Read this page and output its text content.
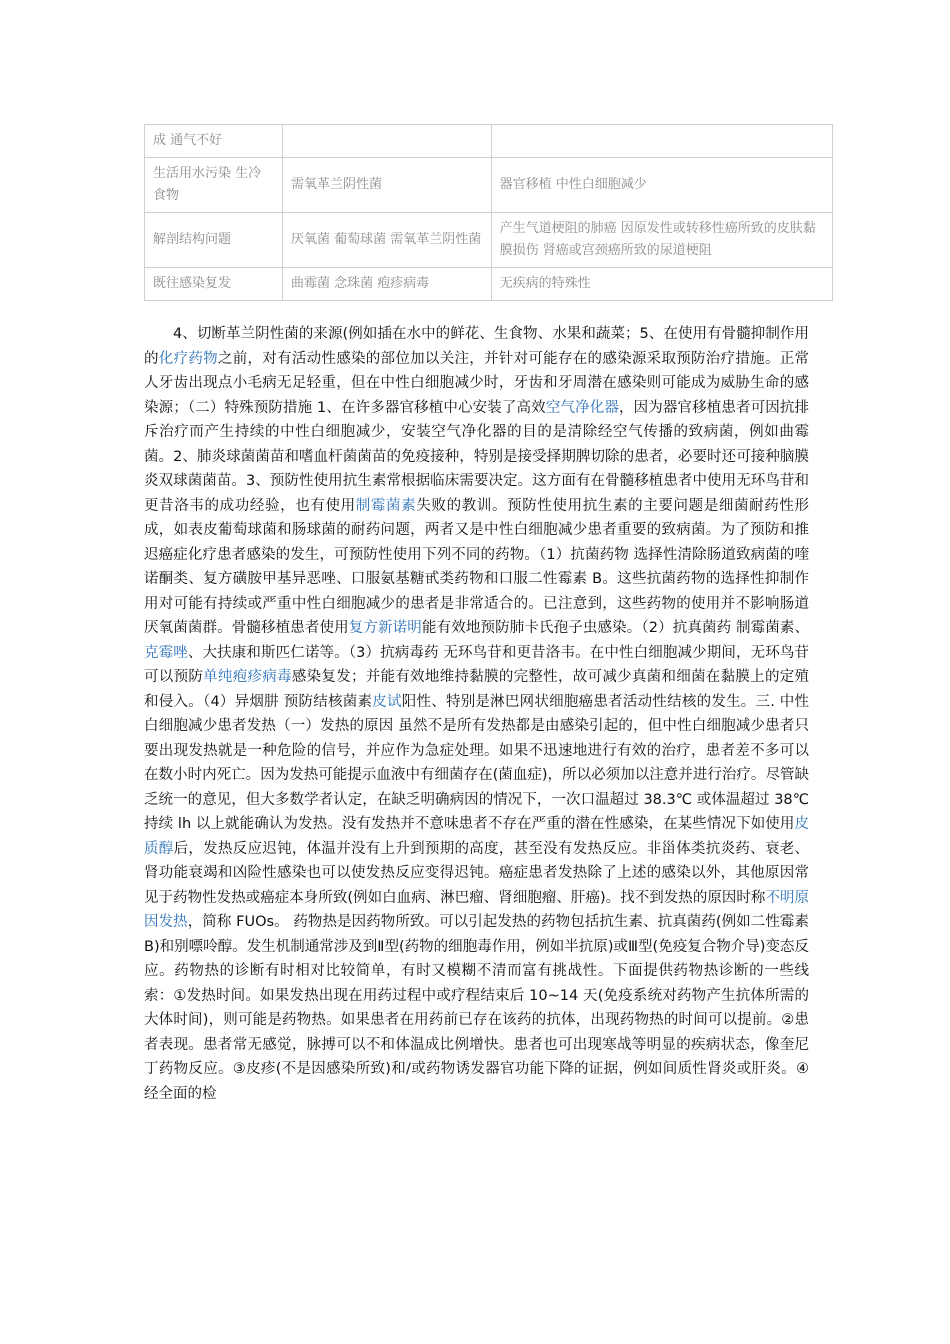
成 通气不好		
生活用水污染 生冷食物	需氧革兰阴性菌	器官移植 中性白细胞减少
解剖结构问题	厌氧菌 葡萄球菌 需氧革兰阴性菌	产生气道梗阻的肺癌 因原发性或转移性癌所致的皮肤黏膜损伤 肾癌或宫颈癌所致的尿道梗阻
既往感染复发	曲霉菌 念珠菌 疱疹病毒	无疾病的特殊性

4、切断革兰阴性菌的来源(例如插在水中的鲜花、生食物、水果和蔬菜；5、在使用有骨髓抑制作用的化疗药物之前，对有活动性感染的部位加以关注，并针对可能存在的感染源采取预防治疗措施。正常人牙齿出现点小毛病无足轻重，但在中性白细胞减少时，牙齿和牙周潜在感染则可能成为威胁生命的感染源；（二）特殊预防措施 1、在许多器官移植中心安装了高效空气净化器，因为器官移植患者可因抗排斥治疗而产生持续的中性白细胞减少，安装空气净化器的目的是清除经空气传播的致病菌，例如曲霉菌。2、肺炎球菌菌苗和嗜血杆菌菌苗的免疫接种，特别是接受择期脾切除的患者，必要时还可接种脑膜炎双球菌菌苗。3、预防性使用抗生素常根据临床需要决定。这方面有在骨髓移植患者中使用无环鸟苷和更昔洛韦的成功经验，也有使用制霉菌素失败的教训。预防性使用抗生素的主要问题是细菌耐药性形成，如表皮葡萄球菌和肠球菌的耐药问题，两者又是中性白细胞减少患者重要的致病菌。为了预防和推迟癌症化疗患者感染的发生，可预防性使用下列不同的药物。（1）抗菌药物 选择性清除肠道致病菌的喹诺酮类、复方磺胺甲基异恶唑、口服氨基糖甙类药物和口服二性霉素 B。这些抗菌药物的选择性抑制作用对可能有持续或严重中性白细胞减少的患者是非常适合的。已注意到，这些药物的使用并不影响肠道厌氧菌菌群。骨髓移植患者使用复方新诺明能有效地预防肺卡氏孢子虫感染。（2）抗真菌药 制霉菌素、克霉唑、大扶康和斯匹仁诺等。（3）抗病毒药 无环鸟苷和更昔洛韦。在中性白细胞减少期间，无环鸟苷可以预防单纯疱疹病毒感染复发；并能有效地维持黏膜的完整性，故可减少真菌和细菌在黏膜上的定殖和侵入。（4）异烟肼 预防结核菌素皮试阳性、特别是淋巴网状细胞癌患者活动性结核的发生。三. 中性白细胞减少患者发热（一）发热的原因 虽然不是所有发热都是由感染引起的，但中性白细胞减少患者只要出现发热就是一种危险的信号，并应作为急症处理。如果不迅速地进行有效的治疗，患者差不多可以在数小时内死亡。因为发热可能提示血液中有细菌存在(菌血症)，所以必须加以注意并进行治疗。尽管缺乏统一的意见，但大多数学者认定，在缺乏明确病因的情况下，一次口温超过 38.3℃ 或体温超过 38℃持续 lh 以上就能确认为发热。没有发热并不意味患者不存在严重的潜在性感染，在某些情况下如使用皮质醇后，发热反应迟钝，体温并没有上升到预期的高度，甚至没有发热反应。非甾体类抗炎药、衰老、肾功能衰竭和凶险性感染也可以使发热反应变得迟钝。癌症患者发热除了上述的感染以外，其他原因常见于药物性发热或癌症本身所致(例如白血病、淋巴瘤、肾细胞瘤、肝癌)。找不到发热的原因时称不明原因发热，简称 FUOs。 药物热是因药物所致。可以引起发热的药物包括抗生素、抗真菌药(例如二性霉素 B)和别嘌呤醇。发生机制通常涉及到Ⅱ型(药物的细胞毒作用，例如半抗原)或Ⅲ型(免疫复合物介导)变态反应。药物热的诊断有时相对比较简单，有时又模糊不清而富有挑战性。下面提供药物热诊断的一些线索：①发热时间。如果发热出现在用药过程中或疗程结束后 10~14 天(免疫系统对药物产生抗体所需的大体时间)，则可能是药物热。如果患者在用药前已存在该药的抗体，出现药物热的时间可以提前。②患者表现。患者常无感觉，脉搏可以不和体温成比例增快。患者也可出现寒战等明显的疾病状态，像奎尼丁药物反应。③皮疹(不是因感染所致)和/或药物诱发器官功能下降的证据，例如间质性肾炎或肝炎。④经全面的检
